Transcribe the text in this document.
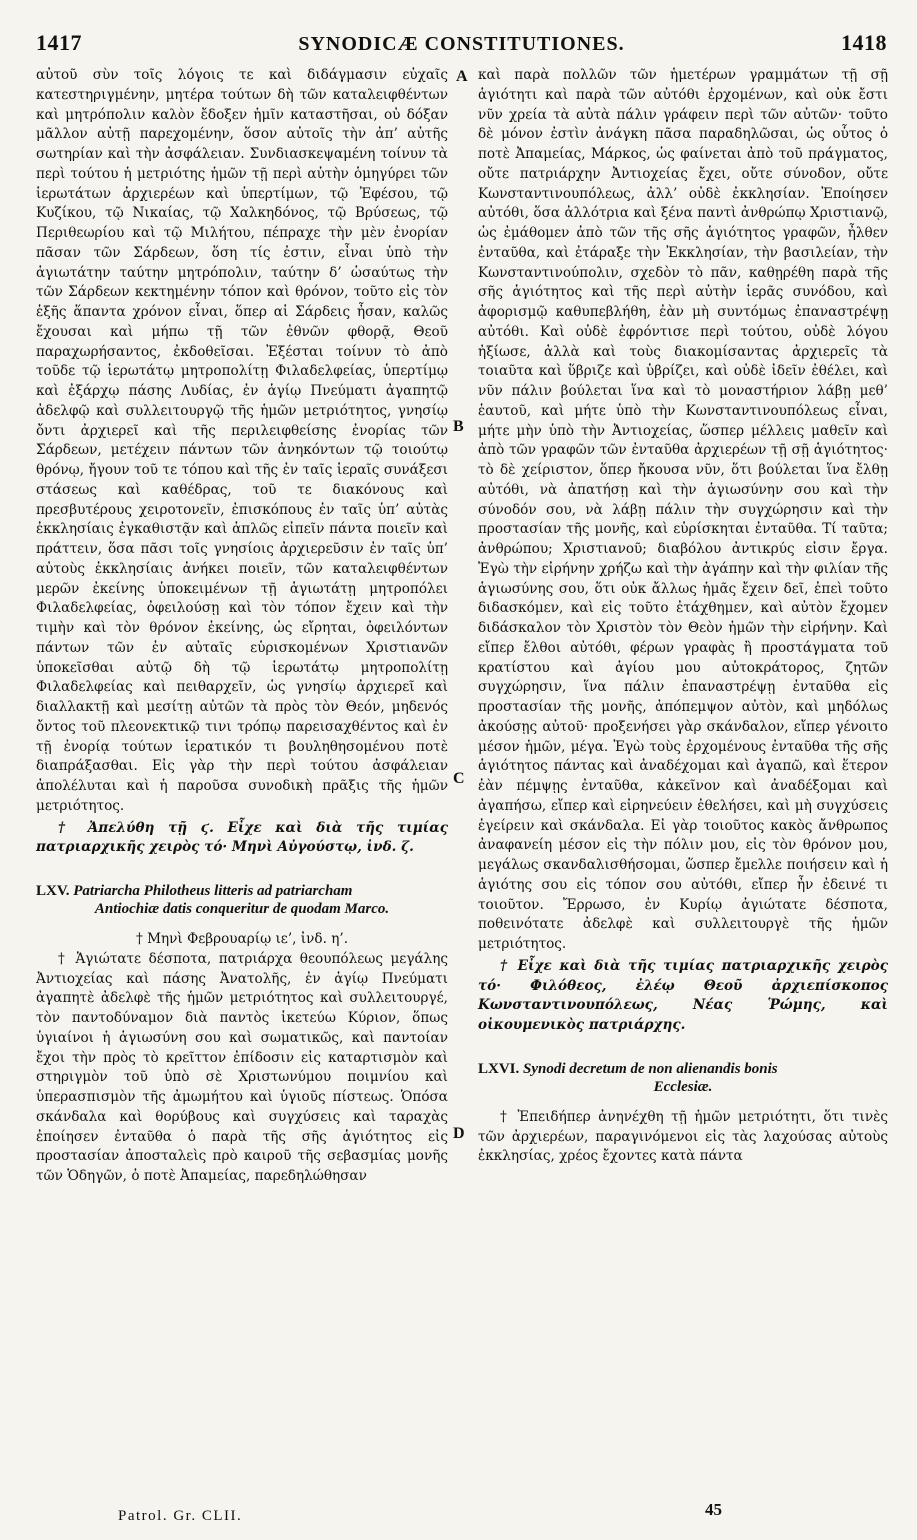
1417	SYNODICÆ CONSTITUTIONES.	1418
A
B
C
D

αὐτοῦ σὺν τοῖς λόγοις τε καὶ διδάγμασιν εὐχαῖς κατεστηριγμένην, μητέρα τούτων δὴ τῶν καταλειφθέντων καὶ μητρόπολιν καλὸν ἔδοξεν ἡμῖν καταστῆσαι, οὐ δόξαν μᾶλλον αὐτῇ παρεχομένην, ὅσον αὐτοῖς τὴν ἀπ’ αὐτῆς σωτηρίαν καὶ τὴν ἀσφάλειαν. Συνδιασκεψαμένη τοίνυν τὰ περὶ τούτου ἡ μετριότης ἡμῶν τῇ περὶ αὐτὴν ὁμηγύρει τῶν ἱερωτάτων ἀρχιερέων καὶ ὑπερτίμων, τῷ Ἐφέσου, τῷ Κυζίκου, τῷ Νικαίας, τῷ Χαλκηδόνος, τῷ Βρύσεως, τῷ Περιθεωρίου καὶ τῷ Μιλήτου, πέπραχε τὴν μὲν ἐνορίαν πᾶσαν τῶν Σάρδεων, ὅση τίς ἐστιν, εἶναι ὑπὸ τὴν ἁγιωτάτην ταύτην μητρόπολιν, ταύτην δ’ ὡσαύτως τὴν τῶν Σάρδεων κεκτημένην τόπον καὶ θρόνον, τοῦτο εἰς τὸν ἑξῆς ἅπαντα χρόνον εἶναι, ὅπερ αἱ Σάρδεις ἦσαν, καλῶς ἔχουσαι καὶ μήπω τῇ τῶν ἐθνῶν φθορᾷ, Θεοῦ παραχωρήσαντος, ἐκδοθεῖσαι. Ἐξέσται τοίνυν τὸ ἀπὸ τοῦδε τῷ ἱερωτάτῳ μητροπολίτῃ Φιλαδελφείας, ὑπερτίμῳ καὶ ἐξάρχῳ πάσης Λυδίας, ἐν ἁγίῳ Πνεύματι ἀγαπητῷ ἀδελφῷ καὶ συλλειτουργῷ τῆς ἡμῶν μετριότητος, γνησίῳ ὄντι ἀρχιερεῖ καὶ τῆς περιλειφθείσης ἐνορίας τῶν Σάρδεων, μετέχειν πάντων τῶν ἀνηκόντων τῷ τοιούτῳ θρόνῳ, ἤγουν τοῦ τε τόπου καὶ τῆς ἐν ταῖς ἱεραῖς συνάξεσι στάσεως καὶ καθέδρας, τοῦ τε διακόνους καὶ πρεσβυτέρους χειροτονεῖν, ἐπισκόπους ἐν ταῖς ὑπ’ αὐτὰς ἐκκλησίαις ἐγκαθιστᾷν καὶ ἁπλῶς εἰπεῖν πάντα ποιεῖν καὶ πράττειν, ὅσα πᾶσι τοῖς γνησίοις ἀρχιερεῦσιν ἐν ταῖς ὑπ’ αὐτοὺς ἐκκλησίαις ἀνήκει ποιεῖν, τῶν καταλειφθέντων μερῶν ἐκείνης ὑποκειμένων τῇ ἁγιωτάτῃ μητροπόλει Φιλαδελφείας, ὀφειλούσῃ καὶ τὸν τόπον ἔχειν καὶ τὴν τιμὴν καὶ τὸν θρόνον ἐκείνης, ὡς εἴρηται, ὀφειλόντων πάντων τῶν ἐν αὐταῖς εὑρισκομένων Χριστιανῶν ὑποκεῖσθαι αὐτῷ δὴ τῷ ἱερωτάτῳ μητροπολίτῃ Φιλαδελφείας καὶ πειθαρχεῖν, ὡς γνησίῳ ἀρχιερεῖ καὶ διαλλακτῇ καὶ μεσίτῃ αὐτῶν τὰ πρὸς τὸν Θεόν, μηδενός ὄντος τοῦ πλεονεκτικῷ τινι τρόπῳ παρεισαχθέντος καὶ ἐν τῇ ἐνορίᾳ τούτων ἱερατικόν τι βουληθησομένου ποτὲ διαπράξασθαι. Εἰς γὰρ τὴν περὶ τούτου ἀσφάλειαν ἀπολέλυται καὶ ἡ παροῦσα συνοδικὴ πρᾶξις τῆς ἡμῶν μετριότητος.

† Ἀπελύθη τῇ ϛ. Εἶχε καὶ διὰ τῆς τιμίας πατριαρχικῆς χειρὸς τό· Μηνὶ Αὐγούστῳ, ἰνδ. ζ.

LXV. Patriarcha Philotheus litteris ad patriarcham
Antiochiæ datis conqueritur de quodam Marco.

† Μηνὶ Φεβρουαρίῳ ιε’, ἰνδ. η’.

† Ἁγιώτατε δέσποτα, πατριάρχα θεουπόλεως μεγάλης Ἀντιοχείας καὶ πάσης Ἀνατολῆς, ἐν ἁγίῳ Πνεύματι ἀγαπητὲ ἀδελφὲ τῆς ἡμῶν μετριότητος καὶ συλλειτουργέ, τὸν παντοδύναμον διὰ παντὸς ἱκετεύω Κύριον, ὅπως ὑγιαίνοι ἡ ἁγιωσύνη σου καὶ σωματικῶς, καὶ παντοίαν ἔχοι τὴν πρὸς τὸ κρεῖττον ἐπίδοσιν εἰς καταρτισμὸν καὶ στηριγμὸν τοῦ ὑπὸ σὲ Χριστωνύμου ποιμνίου καὶ ὑπερασπισμὸν τῆς ἀμωμήτου καὶ ὑγιοῦς πίστεως. Ὁπόσα σκάνδαλα καὶ θορύβους καὶ συγχύσεις καὶ ταραχὰς ἐποίησεν ἐνταῦθα ὁ παρὰ τῆς σῆς ἁγιότητος εἰς προστασίαν ἀποσταλεὶς πρὸ καιροῦ τῆς σεβασμίας μονῆς τῶν Ὁδηγῶν, ὁ ποτὲ Ἀπαμείας, παρεδηλώθησαν

καὶ παρὰ πολλῶν τῶν ἡμετέρων γραμμάτων τῇ σῇ ἁγιότητι καὶ παρὰ τῶν αὐτόθι ἐρχομένων, καὶ οὐκ ἔστι νῦν χρεία τὰ αὐτὰ πάλιν γράφειν περὶ τῶν αὐτῶν· τοῦτο δὲ μόνον ἐστὶν ἀνάγκη πᾶσα παραδηλῶσαι, ὡς οὗτος ὁ ποτὲ Ἀπαμείας, Μάρκος, ὡς φαίνεται ἀπὸ τοῦ πράγματος, οὔτε πατριάρχην Ἀντιοχείας ἔχει, οὔτε σύνοδον, οὔτε Κωνσταντινουπόλεως, ἀλλ’ οὐδὲ ἐκκλησίαν. Ἐποίησεν αὐτόθι, ὅσα ἀλλότρια καὶ ξένα παντὶ ἀνθρώπῳ Χριστιανῷ, ὡς ἐμάθομεν ἀπὸ τῶν τῆς σῆς ἁγιότητος γραφῶν, ἦλθεν ἐνταῦθα, καὶ ἐτάραξε τὴν Ἐκκλησίαν, τὴν βασιλείαν, τὴν Κωνσταντινούπολιν, σχεδὸν τὸ πᾶν, καθῃρέθη παρὰ τῆς σῆς ἁγιότητος καὶ τῆς περὶ αὐτὴν ἱερᾶς συνόδου, καὶ ἀφορισμῷ καθυπεβλήθη, ἐὰν μὴ συντόμως ἐπαναστρέψῃ αὐτόθι. Καὶ οὐδὲ ἐφρόντισε περὶ τούτου, οὐδὲ λόγου ἠξίωσε, ἀλλὰ καὶ τοὺς διακομίσαντας ἀρχιερεῖς τὰ τοιαῦτα καὶ ὕβριζε καὶ ὑβρίζει, καὶ οὐδὲ ἰδεῖν ἐθέλει, καὶ νῦν πάλιν βούλεται ἵνα καὶ τὸ μοναστήριον λάβῃ μεθ’ ἑαυτοῦ, καὶ μήτε ὑπὸ τὴν Κωνσταντινουπόλεως εἶναι, μήτε μὴν ὑπὸ τὴν Ἀντιοχείας, ὥσπερ μέλλεις μαθεῖν καὶ ἀπὸ τῶν γραφῶν τῶν ἐνταῦθα ἀρχιερέων τῇ σῇ ἁγιότητος· τὸ δὲ χείριστον, ὅπερ ἤκουσα νῦν, ὅτι βούλεται ἵνα ἔλθῃ αὐτόθι, νὰ ἀπατήσῃ καὶ τὴν ἁγιωσύνην σου καὶ τὴν σύνοδόν σου, νὰ λάβῃ πάλιν τὴν συγχώρησιν καὶ τὴν προστασίαν τῆς μονῆς, καὶ εὑρίσκηται ἐνταῦθα. Τί ταῦτα; ἀνθρώπου; Χριστιανοῦ; διαβόλου ἀντικρύς εἰσιν ἔργα. Ἐγὼ τὴν εἰρήνην χρήζω καὶ τὴν ἀγάπην καὶ τὴν φιλίαν τῆς ἁγιωσύνης σου, ὅτι οὐκ ἄλλως ἡμᾶς ἔχειν δεῖ, ἐπεὶ τοῦτο διδασκόμεν, καὶ εἰς τοῦτο ἐτάχθημεν, καὶ αὐτὸν ἔχομεν διδάσκαλον τὸν Χριστὸν τὸν Θεὸν ἡμῶν τὴν εἰρήνην. Καὶ εἴπερ ἔλθοι αὐτόθι, φέρων γραφὰς ἢ προστάγματα τοῦ κρατίστου καὶ ἁγίου μου αὐτοκράτορος, ζητῶν συγχώρησιν, ἵνα πάλιν ἐπαναστρέψῃ ἐνταῦθα εἰς προστασίαν τῆς μονῆς, ἀπόπεμψον αὐτὸν, καὶ μηδόλως ἀκούσῃς αὐτοῦ· προξενήσει γὰρ σκάνδαλον, εἴπερ γένοιτο μέσον ἡμῶν, μέγα. Ἐγὼ τοὺς ἐρχομένους ἐνταῦθα τῆς σῆς ἁγιότητος πάντας καὶ ἀναδέχομαι καὶ ἀγαπῶ, καὶ ἕτερον ἐὰν πέμψῃς ἐνταῦθα, κἀκεῖνον καὶ ἀναδέξομαι καὶ ἀγαπήσω, εἴπερ καὶ εἰρηνεύειν ἐθελήσει, καὶ μὴ συγχύσεις ἐγείρειν καὶ σκάνδαλα. Εἰ γὰρ τοιοῦτος κακὸς ἄνθρωπος ἀναφανείη μέσον εἰς τὴν πόλιν μου, εἰς τὸν θρόνον μου, μεγάλως σκανδαλισθήσομαι, ὥσπερ ἔμελλε ποιήσειν καὶ ἡ ἁγιότης σου εἰς τόπον σου αὐτόθι, εἴπερ ἦν ἐδεινέ τι τοιοῦτον. Ἔρρωσο, ἐν Κυρίῳ ἁγιώτατε δέσποτα, ποθεινότατε ἀδελφὲ καὶ συλλειτουργὲ τῆς ἡμῶν μετριότητος.

† Εἶχε καὶ διὰ τῆς τιμίας πατριαρχικῆς χειρὸς τό· Φιλόθεος, ἐλέῳ Θεοῦ ἀρχιεπίσκοπος Κωνσταντινουπόλεως, Νέας Ῥώμης, καὶ οἰκουμενικὸς πατριάρχης.

LXVI. Synodi decretum de non alienandis bonis
Ecclesiæ.

† Ἐπειδήπερ ἀνηνέχθη τῇ ἡμῶν μετριότητι, ὅτι τινὲς τῶν ἀρχιερέων, παραγινόμενοι εἰς τὰς λαχούσας αὐτοὺς ἐκκλησίας, χρέος ἔχοντες κατὰ πάντα

Patrol. Gr. CLII.	45
